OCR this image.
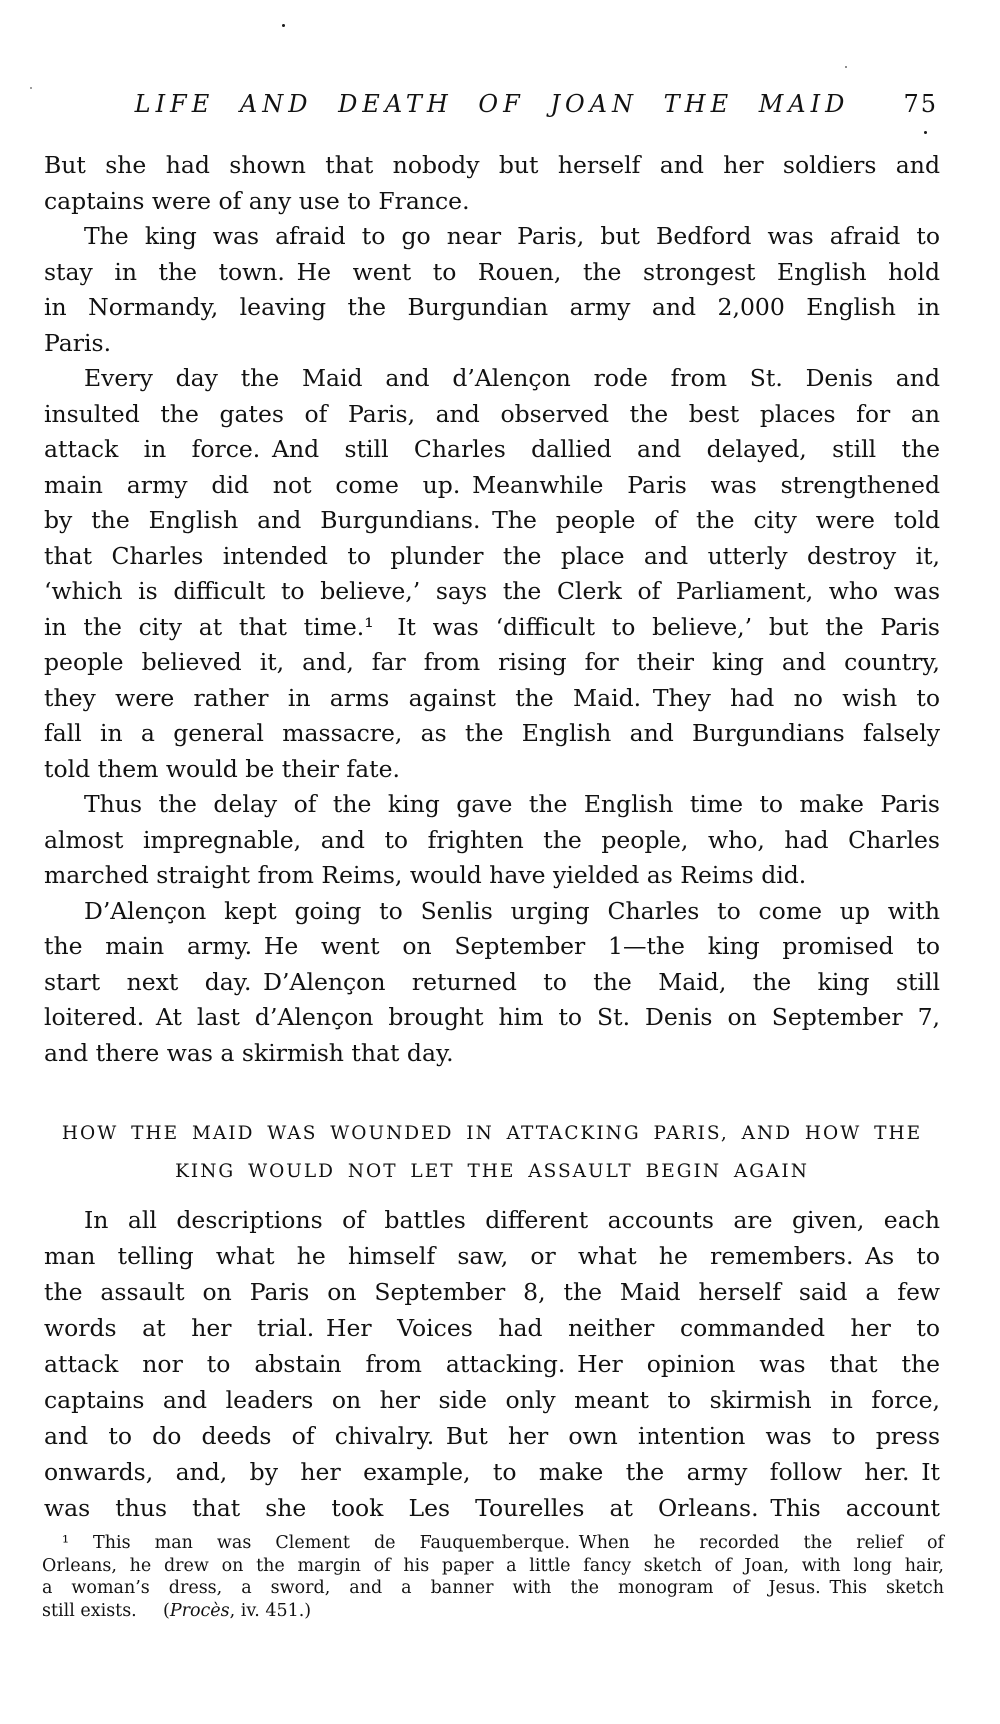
LIFE AND DEATH OF JOAN THE MAID	75
But she had shown that nobody but herself and her soldiers and
captains were of any use to France.
The king was afraid to go near Paris, but Bedford was afraid to
stay in the town. He went to Rouen, the strongest English hold
in Normandy, leaving the Burgundian army and 2,000 English in
Paris.
Every day the Maid and d’Alençon rode from St. Denis and
insulted the gates of Paris, and observed the best places for an
attack in force. And still Charles dallied and delayed, still the
main army did not come up. Meanwhile Paris was strengthened
by the English and Burgundians. The people of the city were told
that Charles intended to plunder the place and utterly destroy it,
‘which is difficult to believe,’ says the Clerk of Parliament, who was
in the city at that time.¹ It was ‘difficult to believe,’ but the Paris
people believed it, and, far from rising for their king and country,
they were rather in arms against the Maid. They had no wish to
fall in a general massacre, as the English and Burgundians falsely
told them would be their fate.
Thus the delay of the king gave the English time to make Paris
almost impregnable, and to frighten the people, who, had Charles
marched straight from Reims, would have yielded as Reims did.
D’Alençon kept going to Senlis urging Charles to come up with
the main army. He went on September 1—the king promised to
start next day. D’Alençon returned to the Maid, the king still
loitered. At last d’Alençon brought him to St. Denis on September 7,
and there was a skirmish that day.
HOW THE MAID WAS WOUNDED IN ATTACKING PARIS, AND HOW THE
KING WOULD NOT LET THE ASSAULT BEGIN AGAIN
In all descriptions of battles different accounts are given, each
man telling what he himself saw, or what he remembers. As to
the assault on Paris on September 8, the Maid herself said a few
words at her trial. Her Voices had neither commanded her to
attack nor to abstain from attacking. Her opinion was that the
captains and leaders on her side only meant to skirmish in force,
and to do deeds of chivalry. But her own intention was to press
onwards, and, by her example, to make the army follow her. It
was thus that she took Les Tourelles at Orleans. This account
¹ This man was Clement de Fauquemberque. When he recorded the relief of
Orleans, he drew on the margin of his paper a little fancy sketch of Joan, with long hair,
a woman’s dress, a sword, and a banner with the monogram of Jesus. This sketch
still exists.  (Procès, iv. 451.)
